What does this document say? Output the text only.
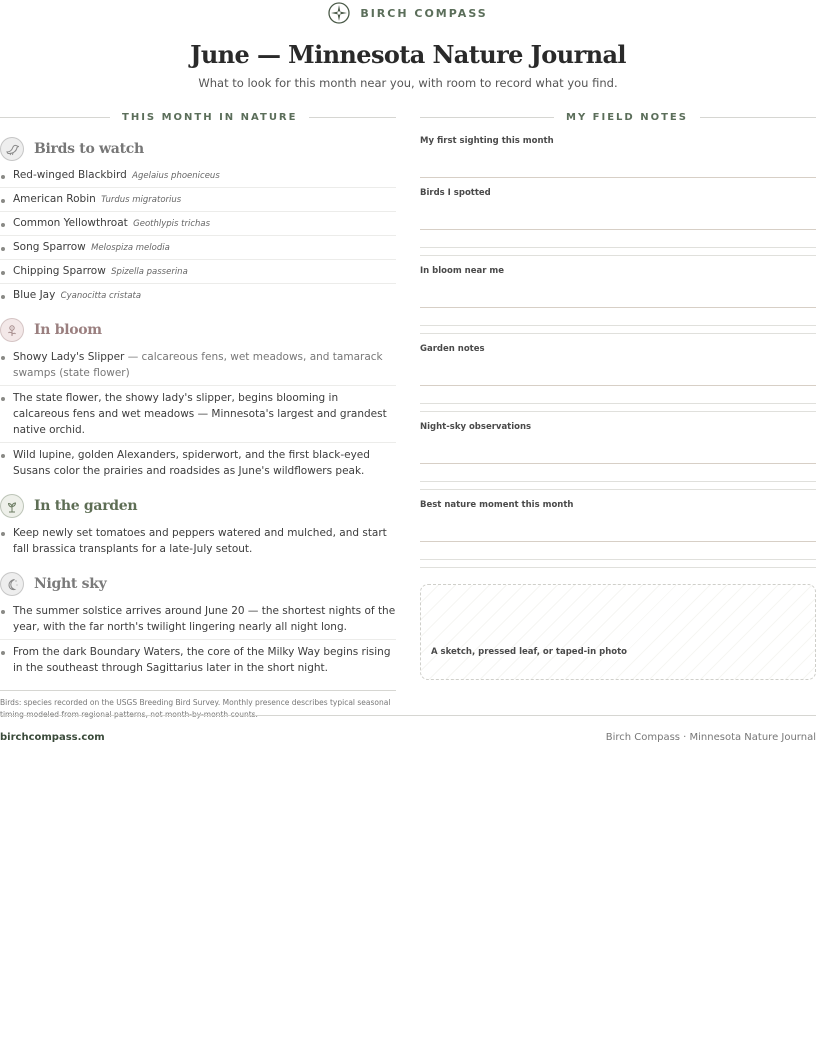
BIRCH COMPASS
June — Minnesota Nature Journal

What to look for this month near you, with room to record what you find.

THIS MONTH IN NATURE
Birds to watch
Red-winged Blackbird Agelaius phoeniceus
American Robin Turdus migratorius
Common Yellowthroat Geothlypis trichas
Song Sparrow Melospiza melodia
Chipping Sparrow Spizella passerina
Blue Jay Cyanocitta cristata
In bloom
Showy Lady's Slipper — calcareous fens, wet meadows, and tamarack swamps (state flower)
The state flower, the showy lady's slipper, begins blooming in calcareous fens and wet meadows — Minnesota's largest and grandest native orchid.
Wild lupine, golden Alexanders, spiderwort, and the first black-eyed Susans color the prairies and roadsides as June's wildflowers peak.
In the garden
Keep newly set tomatoes and peppers watered and mulched, and start fall brassica transplants for a late-July setout.
Night sky
The summer solstice arrives around June 20 — the shortest nights of the year, with the far north's twilight lingering nearly all night long.
From the dark Boundary Waters, the core of the Milky Way begins rising in the southeast through Sagittarius later in the short night.
Birds: species recorded on the USGS Breeding Bird Survey. Monthly presence describes typical seasonal
MY FIELD NOTES
My first sighting this month
Birds I spotted
In bloom near me
Garden notes
Night-sky observations
Best nature moment this month
A sketch, pressed leaf, or taped-in photo
birchcompass.com	Birch Compass · Minnesota Nature Journal
